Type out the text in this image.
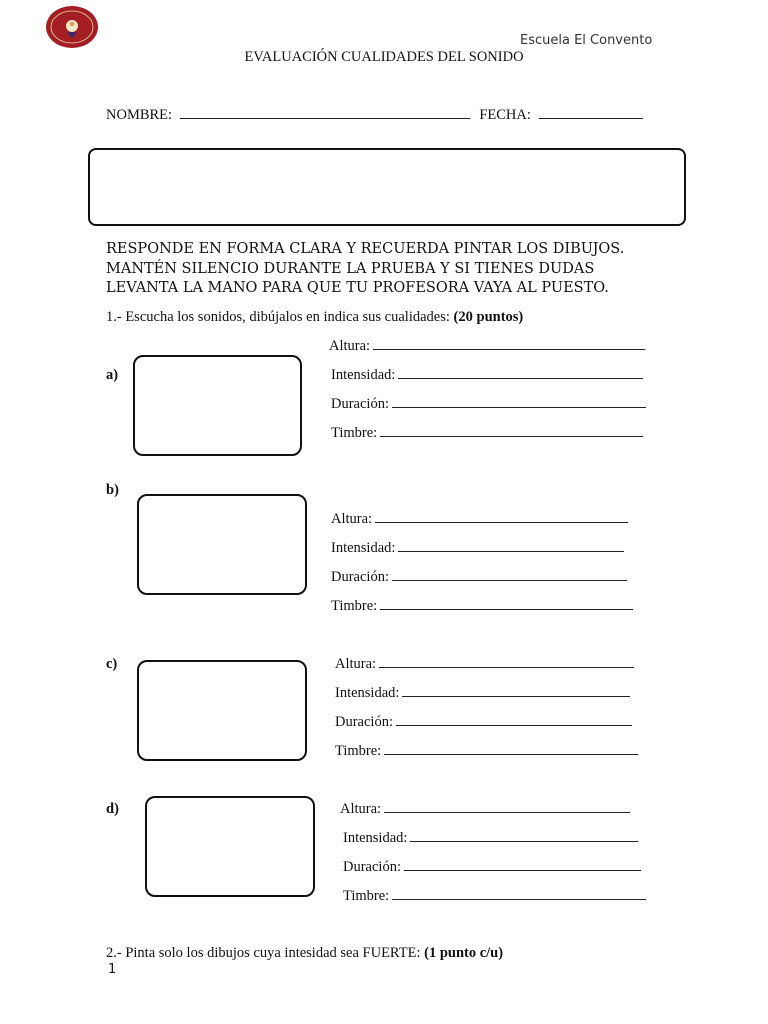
Escuela El Convento
EVALUACIÓN CUALIDADES DEL SONIDO
NOMBRE:	FECHA:
RESPONDE EN FORMA CLARA Y RECUERDA PINTAR LOS DIBUJOS.
MANTÉN SILENCIO DURANTE LA PRUEBA Y SI TIENES DUDAS
LEVANTA LA MANO PARA QUE TU PROFESORA VAYA AL PUESTO.
1.- Escucha los sonidos, dibújalos en indica sus cualidades: (20 puntos)
a)
Altura:
Intensidad:
Duración:
Timbre:
b)
Altura:
Intensidad:
Duración:
Timbre:
c)	Altura:
Intensidad:
Duración:
Timbre:
d)	Altura:
Intensidad:
Duración:
Timbre:
2.- Pinta solo los dibujos cuya intesidad sea FUERTE: (1 punto c/u)
1
